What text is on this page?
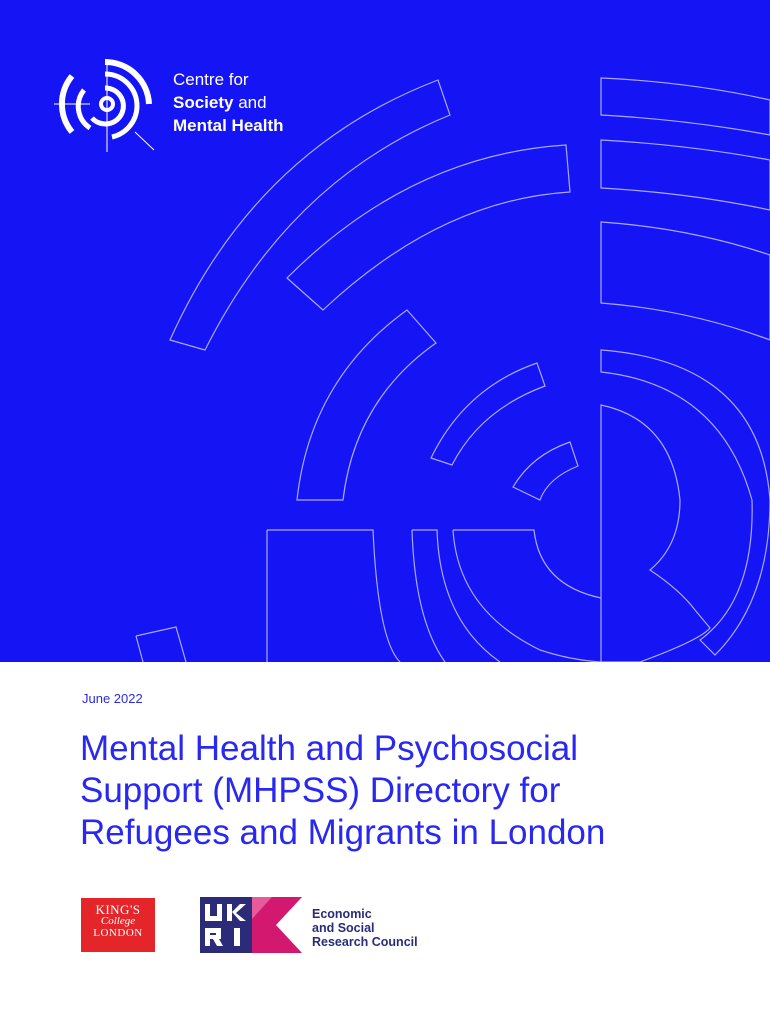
Centre for
Society and
Mental Health
June 2022
Mental Health and Psychosocial
Support (MHPSS) Directory for
Refugees and Migrants in London
KING'S
College
LONDON
Economic
and Social
Research Council
